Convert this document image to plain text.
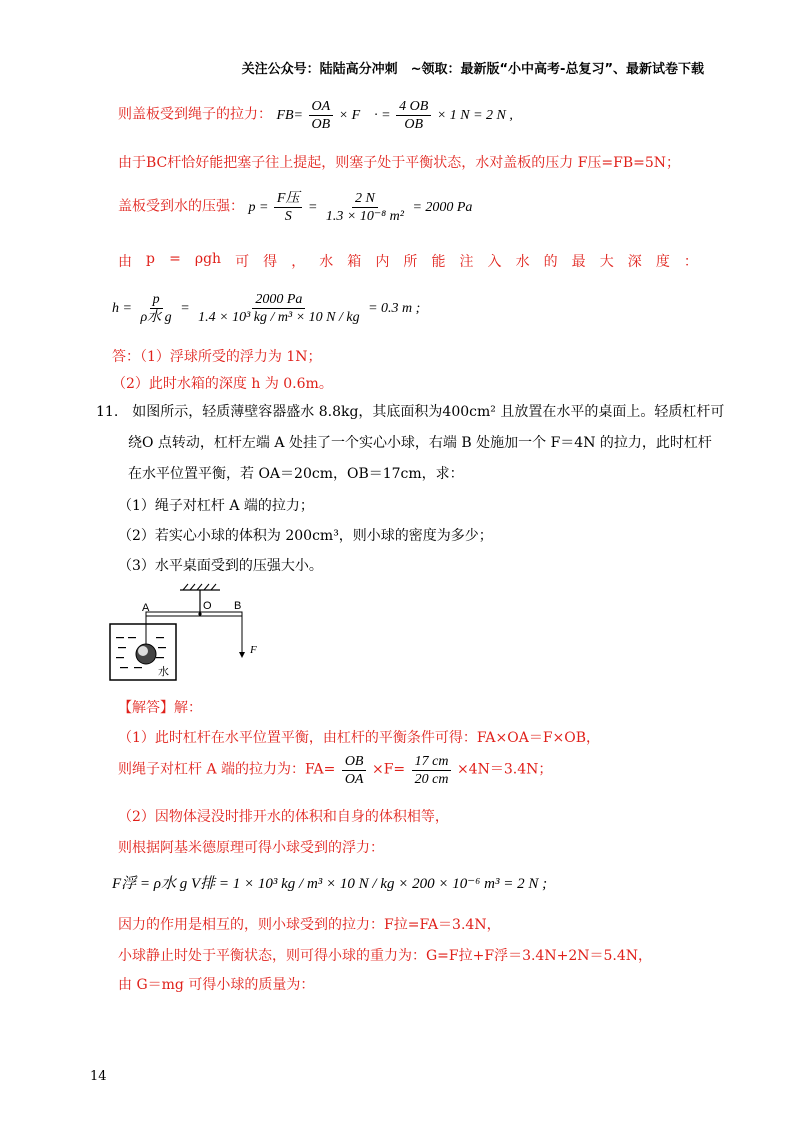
关注公众号：陆陆高分冲刺　~领取：最新版“小中高考-总复习”、最新试卷下载
则盖板受到绳子的拉力： $FB= \frac{OA}{OB} \times F$　· = $\frac{4 OB}{OB} \times 1$ N = 2 N ,
由于BC杆恰好能把塞子往上提起，则塞子处于平衡状态，水对盖板的压力 F压=FB=5N；
盖板受到水的压强： $p = \frac{\text{F压}}{S} = \frac{2 N}{\text{1.3 × 10⁻⁸ m²}} = 2000$ Pa
由 p = ρgh 可 得 ， 水 箱 内 所 能 注 入 水 的 最 大 深 度 ：
$h = \frac{p}{\text{ρ水 g}} = \frac{2000 Pa}{\text{1.4 × 10³ kg / m³ × 10 N / kg}} = 0.3$ m ;
答：（1）浮球所受的浮力为 1N；
（2）此时水箱的深度 h 为 0.6m。
11.　如图所示，轻质薄壁容器盛水 8.8kg，其底面积为400cm² 且放置在水平的桌面上。轻质杠杆可
绕O 点转动，杠杆左端 A 处挂了一个实心小球，右端 B 处施加一个 F＝4N 的拉力，此时杠杆
在水平位置平衡，若 OA＝20cm，OB＝17cm，求：
（1）绳子对杠杆 A 端的拉力；
（2）若实心小球的体积为 200cm³，则小球的密度为多少；
（3）水平桌面受到的压强大小。
A	O B
F
水
【解答】解：
（1）此时杠杆在水平位置平衡，由杠杆的平衡条件可得：FA×OA＝F×OB，
则绳子对杠杆 A 端的拉力为：$FA= \frac{OB}{OA} \times F= \frac{17 cm}{20 cm} \times 4N=3.4N$；
（2）因物体浸没时排开水的体积和自身的体积相等，
则根据阿基米德原理可得小球受到的浮力：
F浮 = ρ水 g V排 = 1 × 10³ kg / m³ × 10 N / kg × 200 × 10⁻⁶ m³ = 2 N ;
因力的作用是相互的，则小球受到的拉力：F拉=FA＝3.4N，
小球静止时处于平衡状态，则可得小球的重力为：G=F拉+F浮＝3.4N+2N＝5.4N，
由 G＝mg 可得小球的质量为：
14
